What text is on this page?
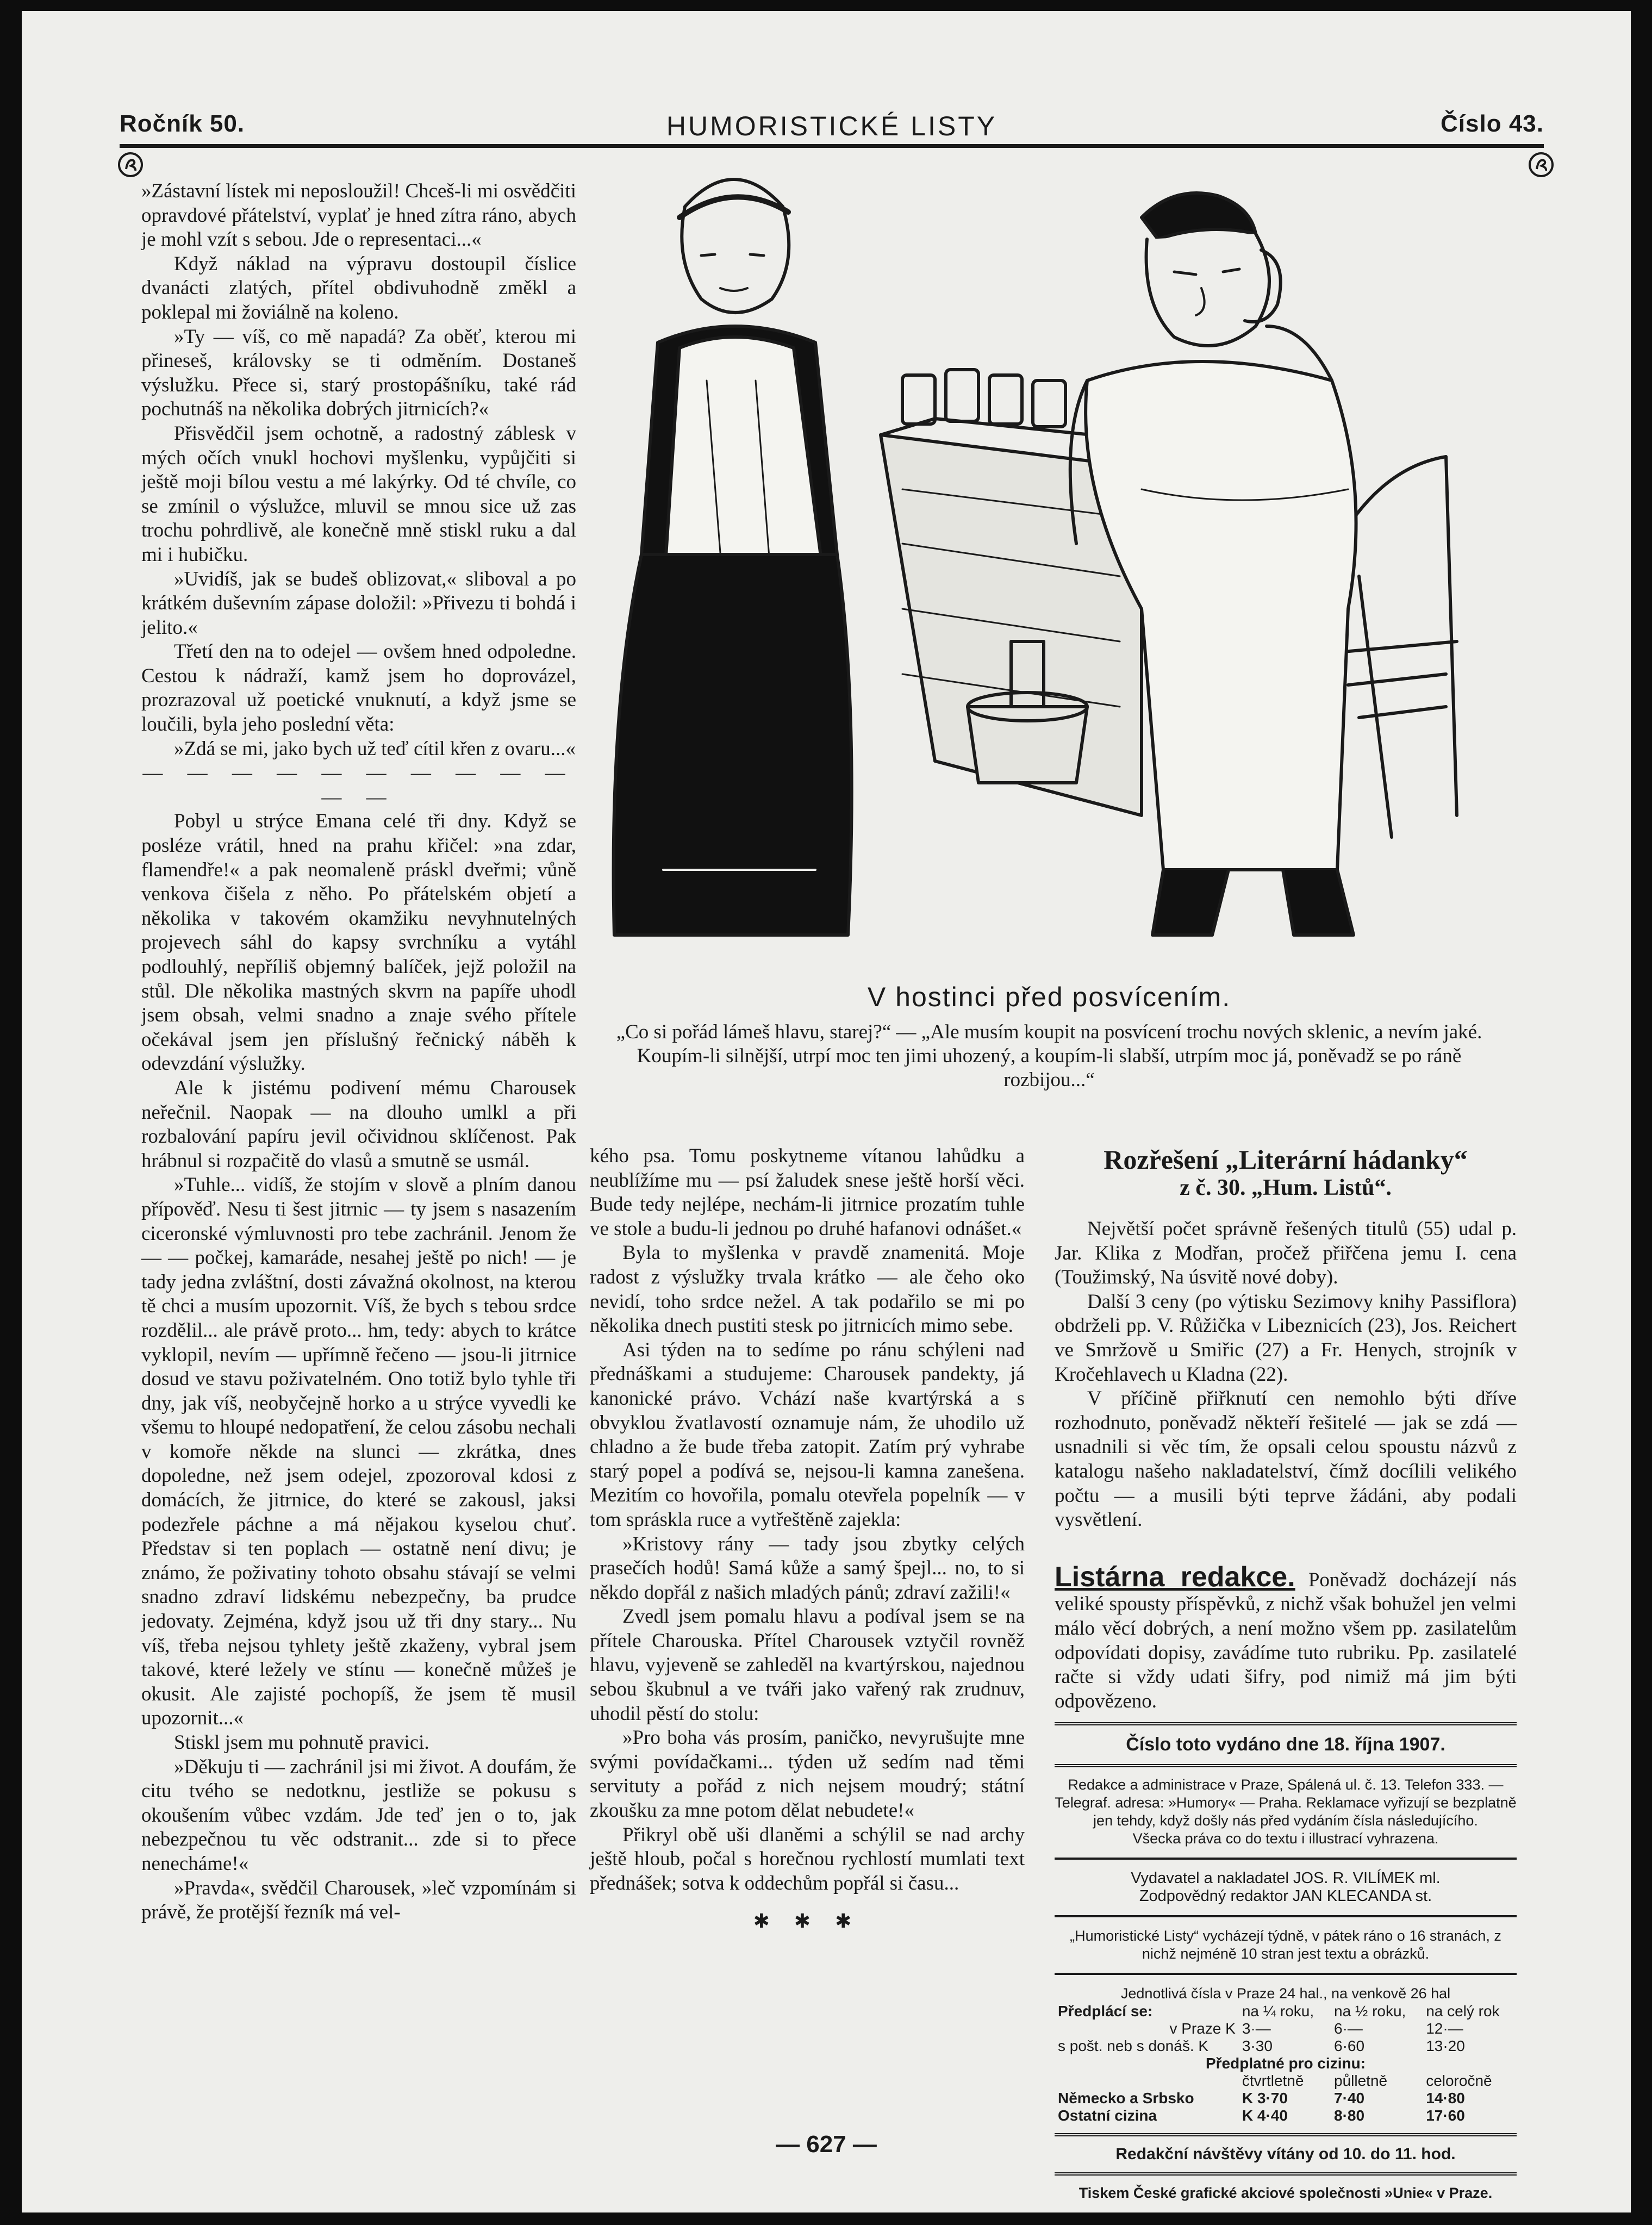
Ročník 50.	HUMORISTICKÉ LISTY	Číslo 43.

»Zástavní lístek mi neposloužil! Chceš-li mi osvědčiti opravdové přátelství, vyplať je hned zítra ráno, abych je mohl vzít s sebou. Jde o representaci...«

Když náklad na výpravu dostoupil číslice dvanácti zlatých, přítel obdivuhodně změkl a poklepal mi žoviálně na koleno.

»Ty — víš, co mě napadá? Za oběť, kterou mi přineseš, královsky se ti odměním. Dostaneš výslužku. Přece si, starý prostopášníku, také rád pochutnáš na několika dobrých jitrnicích?«

Přisvědčil jsem ochotně, a radostný záblesk v mých očích vnukl hochovi myšlenku, vypůjčiti si ještě moji bílou vestu a mé lakýrky. Od té chvíle, co se zmínil o výslužce, mluvil se mnou sice už zas trochu pohrdlivě, ale konečně mně stiskl ruku a dal mi i hubičku.

»Uvidíš, jak se budeš oblizovat,« sliboval a po krátkém duševním zápase doložil: »Přivezu ti bohdá i jelito.«

Třetí den na to odejel — ovšem hned odpoledne. Cestou k nádraží, kamž jsem ho doprovázel, prozrazoval už poetické vnuknutí, a když jsme se loučili, byla jeho poslední věta:

»Zdá se mi, jako bych už teď cítil křen z ovaru...«

— — — — — — — — — — — —

Pobyl u strýce Emana celé tři dny. Když se posléze vrátil, hned na prahu křičel: »na zdar, flamendře!« a pak neomaleně práskl dveřmi; vůně venkova čišela z něho. Po přátelském objetí a několika v takovém okamžiku nevyhnutelných projevech sáhl do kapsy svrchníku a vytáhl podlouhlý, nepříliš objemný balíček, jejž položil na stůl. Dle několika mastných skvrn na papíře uhodl jsem obsah, velmi snadno a znaje svého přítele očekával jsem jen příslušný řečnický náběh k odevzdání výslužky.

Ale k jistému podivení mému Charousek neřečnil. Naopak — na dlouho umlkl a při rozbalování papíru jevil očividnou sklíčenost. Pak hrábnul si rozpačitě do vlasů a smutně se usmál.

»Tuhle... vidíš, že stojím v slově a plním danou přípověď. Nesu ti šest jitrnic — ty jsem s nasazením ciceronské výmluvnosti pro tebe zachránil. Jenom že — — počkej, kamaráde, nesahej ještě po nich! — je tady jedna zvláštní, dosti závažná okolnost, na kterou tě chci a musím upozornit. Víš, že bych s tebou srdce rozdělil... ale právě proto... hm, tedy: abych to krátce vyklopil, nevím — upřímně řečeno — jsou-li jitrnice dosud ve stavu poživatelném. Ono totiž bylo tyhle tři dny, jak víš, neobyčejně horko a u strýce vyvedli ke všemu to hloupé nedopatření, že celou zásobu nechali v komoře někde na slunci — zkrátka, dnes dopoledne, než jsem odejel, zpozoroval kdosi z domácích, že jitrnice, do které se zakousl, jaksi podezřele páchne a má nějakou kyselou chuť. Představ si ten poplach — ostatně není divu; je známo, že poživatiny tohoto obsahu stávají se velmi snadno zdraví lidskému nebezpečny, ba prudce jedovaty. Zejména, když jsou už tři dny stary... Nu víš, třeba nejsou tyhlety ještě zkaženy, vybral jsem takové, které ležely ve stínu — konečně můžeš je okusit. Ale zajisté pochopíš, že jsem tě musil upozornit...«

Stiskl jsem mu pohnutě pravici.

»Děkuju ti — zachránil jsi mi život. A doufám, že citu tvého se nedotknu, jestliže se pokusu s okoušením vůbec vzdám. Jde teď jen o to, jak nebezpečnou tu věc odstranit... zde si to přece nenecháme!«

»Pravda«, svědčil Charousek, »leč vzpomínám si právě, že protější řezník má vel-

V hostinci před posvícením.
„Co si pořád lámeš hlavu, starej?“ — „Ale musím koupit na posvícení trochu nových sklenic, a nevím jaké. Koupím-li silnější, utrpí moc ten jimi uhozený, a koupím-li slabší, utrpím moc já, poněvadž se po ráně rozbijou...“

kého psa. Tomu poskytneme vítanou lahůdku a neublížíme mu — psí žaludek snese ještě horší věci. Bude tedy nejlépe, nechám-li jitrnice prozatím tuhle ve stole a budu-li jednou po druhé hafanovi odnášet.«

Byla to myšlenka v pravdě znamenitá. Moje radost z výslužky trvala krátko — ale čeho oko nevidí, toho srdce nežel. A tak podařilo se mi po několika dnech pustiti stesk po jitrnicích mimo sebe.

Asi týden na to sedíme po ránu schýleni nad přednáškami a studujeme: Charousek pandekty, já kanonické právo. Vchází naše kvartýrská a s obvyklou žvatlavostí oznamuje nám, že uhodilo už chladno a že bude třeba zatopit. Zatím prý vyhrabe starý popel a podívá se, nejsou-li kamna zanešena. Mezitím co hovořila, pomalu otevřela popelník — v tom spráskla ruce a vytřeštěně zajekla:

»Kristovy rány — tady jsou zbytky celých prasečích hodů! Samá kůže a samý špejl... no, to si někdo dopřál z našich mladých pánů; zdraví zažili!«

Zvedl jsem pomalu hlavu a podíval jsem se na přítele Charouska. Přítel Charousek vztyčil rovněž hlavu, vyjeveně se zahleděl na kvartýrskou, najednou sebou škubnul a ve tváři jako vařený rak zrudnuv, uhodil pěstí do stolu:

»Pro boha vás prosím, paničko, nevyrušujte mne svými povídačkami... týden už sedím nad těmi servituty a pořád z nich nejsem moudrý; státní zkoušku za mne potom dělat nebudete!«

Přikryl obě uši dlaněmi a schýlil se nad archy ještě hloub, počal s horečnou rychlostí mumlati text přednášek; sotva k oddechům popřál si času...

✱ ✱ ✱
Rozřešení „Literární hádanky“
z č. 30. „Hum. Listů“.

Největší počet správně řešených titulů (55) udal p. Jar. Klika z Modřan, pročež přiřčena jemu I. cena (Toužimský, Na úsvitě nové doby).

Další 3 ceny (po výtisku Sezimovy knihy Passiflora) obdrželi pp. V. Růžička v Libeznicích (23), Jos. Reichert ve Smržově u Smiřic (27) a Fr. Henych, strojník v Kročehlavech u Kladna (22).

V příčině přiřknutí cen nemohlo býti dříve rozhodnuto, poněvadž někteří řešitelé — jak se zdá — usnadnili si věc tím, že opsali celou spoustu názvů z katalogu našeho nakladatelství, čímž docílili velikého počtu — a musili býti teprve žádáni, aby podali vysvětlení.

Listárna redakce. Poněvadž docházejí nás veliké spousty příspěvků, z nichž však bohužel jen velmi málo věcí dobrých, a není možno všem pp. zasilatelům odpovídati dopisy, zavádíme tuto rubriku. Pp. zasilatelé račte si vždy udati šifry, pod nimiž má jim býti odpovězeno.

Číslo toto vydáno dne 18. října 1907.
Redakce a administrace v Praze, Spálená ul. č. 13. Telefon 333. — Telegraf. adresa: »Humory« — Praha. Reklamace vyřizují se bezplatně jen tehdy, když došly nás před vydáním čísla následujícího.
Všecka práva co do textu i illustrací vyhrazena.
Vydavatel a nakladatel JOS. R. VILÍMEK ml.
Zodpovědný redaktor JAN KLECANDA st.
„Humoristické Listy“ vycházejí týdně, v pátek ráno o 16 stranách, z nichž nejméně 10 stran jest textu a obrázků.
Jednotlivá čísla v Praze 24 hal., na venkově 26 hal
Předplácí se:	na ¼ roku,	na ½ roku,	na celý rok
v Praze K	3·—	6·—	12·—
s pošt. neb s donáš. K	3·30	6·60	13·20
Předplatné pro cizinu:			
	čtvrtletně	půlletně	celoročně
Německo a Srbsko	K 3·70	7·40	14·80
Ostatní cizina	K 4·40	8·80	17·60
Redakční návštěvy vítány od 10. do 11. hod.
Tiskem České grafické akciové společnosti »Unie« v Praze.
— 627 —
